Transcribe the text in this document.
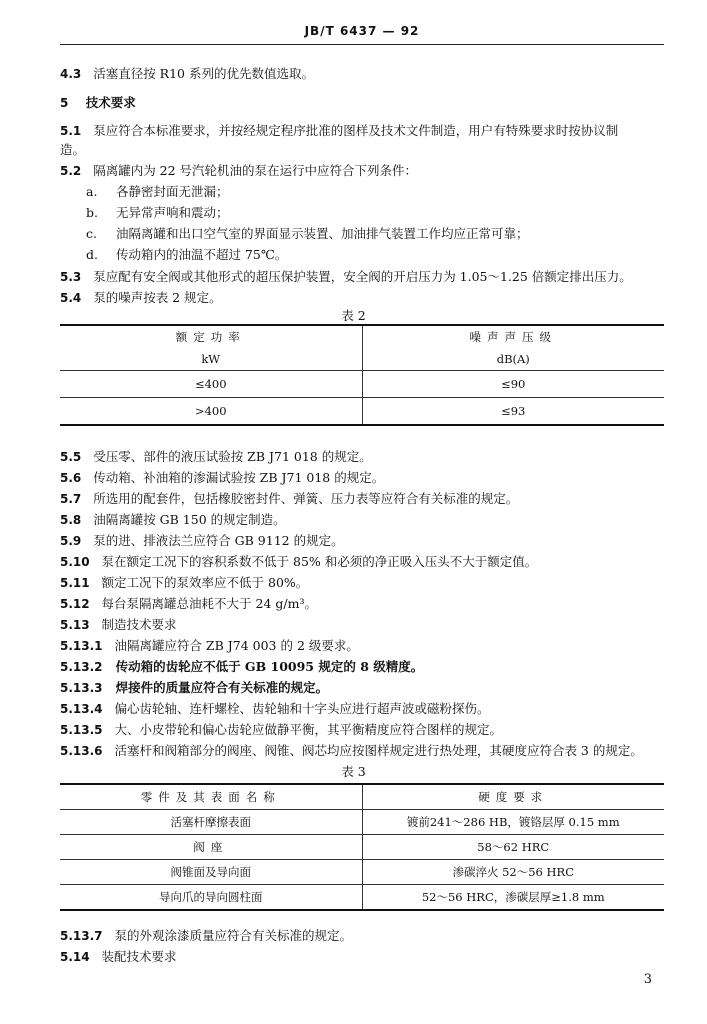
JB/T 6437 — 92
4.3 活塞直径按 R10 系列的优先数值选取。
5 技术要求
5.1 泵应符合本标准要求，并按经规定程序批准的图样及技术文件制造，用户有特殊要求时按协议制
造。
5.2 隔离罐内为 22 号汽轮机油的泵在运行中应符合下列条件：
a. 各静密封面无泄漏；
b. 无异常声响和震动；
c. 油隔离罐和出口空气室的界面显示装置、加油排气装置工作均应正常可靠；
d. 传动箱内的油温不超过 75℃。
5.3 泵应配有安全阀或其他形式的超压保护装置，安全阀的开启压力为 1.05～1.25 倍额定排出压力。
5.4 泵的噪声按表 2 规定。
表 2
额定功率	噪声声压级
kW	dB(A)
≤400	≤90
>400	≤93
5.5 受压零、部件的液压试验按 ZB J71 018 的规定。
5.6 传动箱、补油箱的渗漏试验按 ZB J71 018 的规定。
5.7 所选用的配套件，包括橡胶密封件、弹簧、压力表等应符合有关标准的规定。
5.8 油隔离罐按 GB 150 的规定制造。
5.9 泵的进、排液法兰应符合 GB 9112 的规定。
5.10 泵在额定工况下的容积系数不低于 85% 和必须的净正吸入压头不大于额定值。
5.11 额定工况下的泵效率应不低于 80%。
5.12 每台泵隔离罐总油耗不大于 24 g/m³。
5.13 制造技术要求
5.13.1 油隔离罐应符合 ZB J74 003 的 2 级要求。
5.13.2 传动箱的齿轮应不低于 GB 10095 规定的 8 级精度。
5.13.3 焊接件的质量应符合有关标准的规定。
5.13.4 偏心齿轮轴、连杆螺栓、齿轮轴和十字头应进行超声波或磁粉探伤。
5.13.5 大、小皮带轮和偏心齿轮应做静平衡，其平衡精度应符合图样的规定。
5.13.6 活塞杆和阀箱部分的阀座、阀锥、阀芯均应按图样规定进行热处理，其硬度应符合表 3 的规定。
表 3
零件及其表面名称	硬度要求
活塞杆摩擦表面	镀前241～286 HB，镀铬层厚 0.15 mm
阀座	58～62 HRC
阀锥面及导向面	渗碳淬火 52～56 HRC
导向爪的导向圆柱面	52～56 HRC，渗碳层厚≥1.8 mm
5.13.7 泵的外观涂漆质量应符合有关标准的规定。
5.14 装配技术要求
3
